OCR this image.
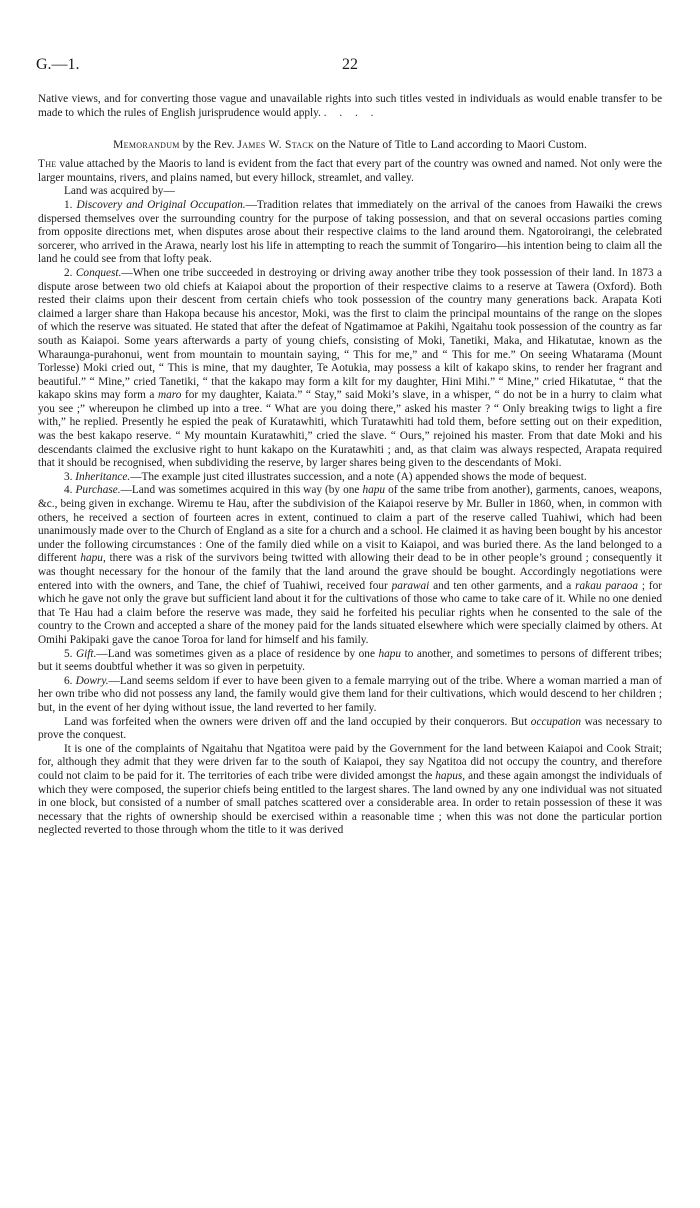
G.—1.	22

Native views, and for converting those vague and unavailable rights into such titles vested in individuals as would enable transfer to be made to which the rules of English jurisprudence would apply. . . . .

Memorandum by the Rev. James W. Stack on the Nature of Title to Land according to Maori Custom.

The value attached by the Maoris to land is evident from the fact that every part of the country was owned and named. Not only were the larger mountains, rivers, and plains named, but every hillock, streamlet, and valley.

Land was acquired by—

1. Discovery and Original Occupation.—Tradition relates that immediately on the arrival of the canoes from Hawaiki the crews dispersed themselves over the surrounding country for the purpose of taking possession, and that on several occasions parties coming from opposite directions met, when disputes arose about their respective claims to the land around them. Ngatoroirangi, the celebrated sorcerer, who arrived in the Arawa, nearly lost his life in attempting to reach the summit of Tongariro—his intention being to claim all the land he could see from that lofty peak.

2. Conquest.—When one tribe succeeded in destroying or driving away another tribe they took possession of their land. In 1873 a dispute arose between two old chiefs at Kaiapoi about the proportion of their respective claims to a reserve at Tawera (Oxford). Both rested their claims upon their descent from certain chiefs who took possession of the country many generations back. Arapata Koti claimed a larger share than Hakopa because his ancestor, Moki, was the first to claim the principal mountains of the range on the slopes of which the reserve was situated. He stated that after the defeat of Ngatimamoe at Pakihi, Ngaitahu took possession of the country as far south as Kaiapoi. Some years afterwards a party of young chiefs, consisting of Moki, Tanetiki, Maka, and Hikatutae, known as the Wharaunga-purahonui, went from mountain to mountain saying, “ This for me,” and “ This for me.” On seeing Whatarama (Mount Torlesse) Moki cried out, “ This is mine, that my daughter, Te Aotukia, may possess a kilt of kakapo skins, to render her fragrant and beautiful.” “ Mine,” cried Tanetiki, “ that the kakapo may form a kilt for my daughter, Hini Mihi.” “ Mine,” cried Hikatutae, “ that the kakapo skins may form a maro for my daughter, Kaiata.” “ Stay,” said Moki’s slave, in a whisper, “ do not be in a hurry to claim what you see ;” whereupon he climbed up into a tree. “ What are you doing there,” asked his master ? “ Only breaking twigs to light a fire with,” he replied. Presently he espied the peak of Kuratawhiti, which Turatawhiti had told them, before setting out on their expedition, was the best kakapo reserve. “ My mountain Kuratawhiti,” cried the slave. “ Ours,” rejoined his master. From that date Moki and his descendants claimed the exclusive right to hunt kakapo on the Kuratawhiti ; and, as that claim was always respected, Arapata required that it should be recognised, when subdividing the reserve, by larger shares being given to the descendants of Moki.

3. Inheritance.—The example just cited illustrates succession, and a note (A) appended shows the mode of bequest.

4. Purchase.—Land was sometimes acquired in this way (by one hapu of the same tribe from another), garments, canoes, weapons, &c., being given in exchange. Wiremu te Hau, after the subdivision of the Kaiapoi reserve by Mr. Buller in 1860, when, in common with others, he received a section of fourteen acres in extent, continued to claim a part of the reserve called Tuahiwi, which had been unanimously made over to the Church of England as a site for a church and a school. He claimed it as having been bought by his ancestor under the following circumstances : One of the family died while on a visit to Kaiapoi, and was buried there. As the land belonged to a different hapu, there was a risk of the survivors being twitted with allowing their dead to be in other people’s ground ; consequently it was thought necessary for the honour of the family that the land around the grave should be bought. Accordingly negotiations were entered into with the owners, and Tane, the chief of Tuahiwi, received four parawai and ten other garments, and a rakau paraoa ; for which he gave not only the grave but sufficient land about it for the cultivations of those who came to take care of it. While no one denied that Te Hau had a claim before the reserve was made, they said he forfeited his peculiar rights when he consented to the sale of the country to the Crown and accepted a share of the money paid for the lands situated elsewhere which were specially claimed by others. At Omihi Pakipaki gave the canoe Toroa for land for himself and his family.

5. Gift.—Land was sometimes given as a place of residence by one hapu to another, and sometimes to persons of different tribes; but it seems doubtful whether it was so given in perpetuity.

6. Dowry.—Land seems seldom if ever to have been given to a female marrying out of the tribe. Where a woman married a man of her own tribe who did not possess any land, the family would give them land for their cultivations, which would descend to her children ; but, in the event of her dying without issue, the land reverted to her family.

Land was forfeited when the owners were driven off and the land occupied by their conquerors. But occupation was necessary to prove the conquest.

It is one of the complaints of Ngaitahu that Ngatitoa were paid by the Government for the land between Kaiapoi and Cook Strait; for, although they admit that they were driven far to the south of Kaiapoi, they say Ngatitoa did not occupy the country, and therefore could not claim to be paid for it. The territories of each tribe were divided amongst the hapus, and these again amongst the individuals of which they were composed, the superior chiefs being entitled to the largest shares. The land owned by any one individual was not situated in one block, but consisted of a number of small patches scattered over a considerable area. In order to retain possession of these it was necessary that the rights of ownership should be exercised within a reasonable time ; when this was not done the particular portion neglected reverted to those through whom the title to it was derived
